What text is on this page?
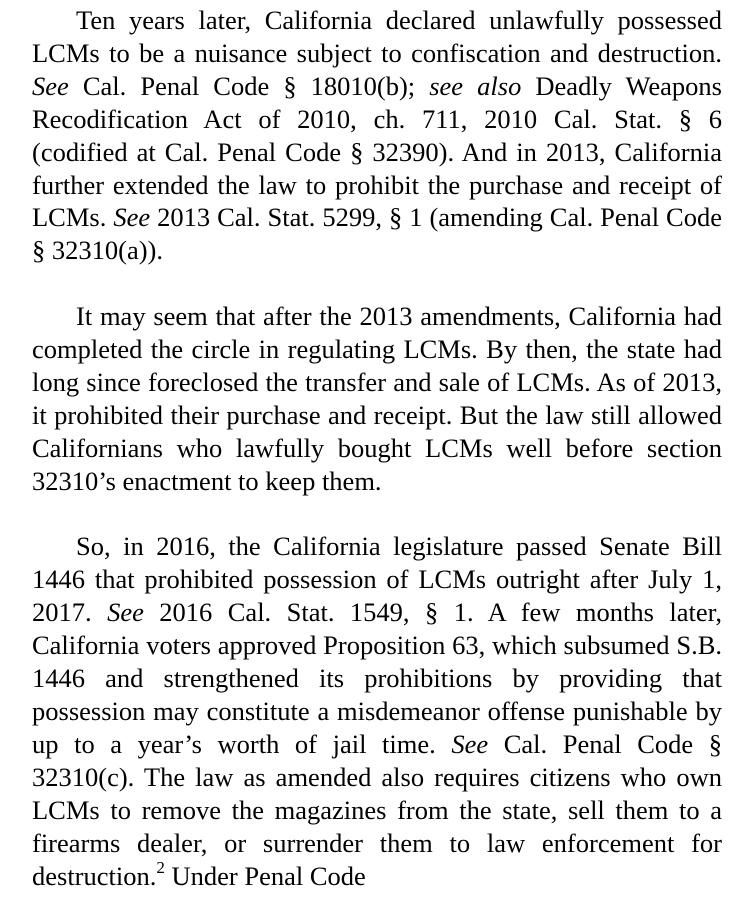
Ten years later, California declared unlawfully possessed LCMs to be a nuisance subject to confiscation and destruction. See Cal. Penal Code § 18010(b); see also Deadly Weapons Recodification Act of 2010, ch. 711, 2010 Cal. Stat. § 6 (codified at Cal. Penal Code § 32390). And in 2013, California further extended the law to prohibit the purchase and receipt of LCMs. See 2013 Cal. Stat. 5299, § 1 (amending Cal. Penal Code § 32310(a)).

It may seem that after the 2013 amendments, California had completed the circle in regulating LCMs. By then, the state had long since foreclosed the transfer and sale of LCMs. As of 2013, it prohibited their purchase and receipt. But the law still allowed Californians who lawfully bought LCMs well before section 32310’s enactment to keep them.

So, in 2016, the California legislature passed Senate Bill 1446 that prohibited possession of LCMs outright after July 1, 2017. See 2016 Cal. Stat. 1549, § 1. A few months later, California voters approved Proposition 63, which subsumed S.B. 1446 and strengthened its prohibitions by providing that possession may constitute a misdemeanor offense punishable by up to a year’s worth of jail time. See Cal. Penal Code § 32310(c). The law as amended also requires citizens who own LCMs to remove the magazines from the state, sell them to a firearms dealer, or surrender them to law enforcement for destruction.$^2$ Under Penal Code
